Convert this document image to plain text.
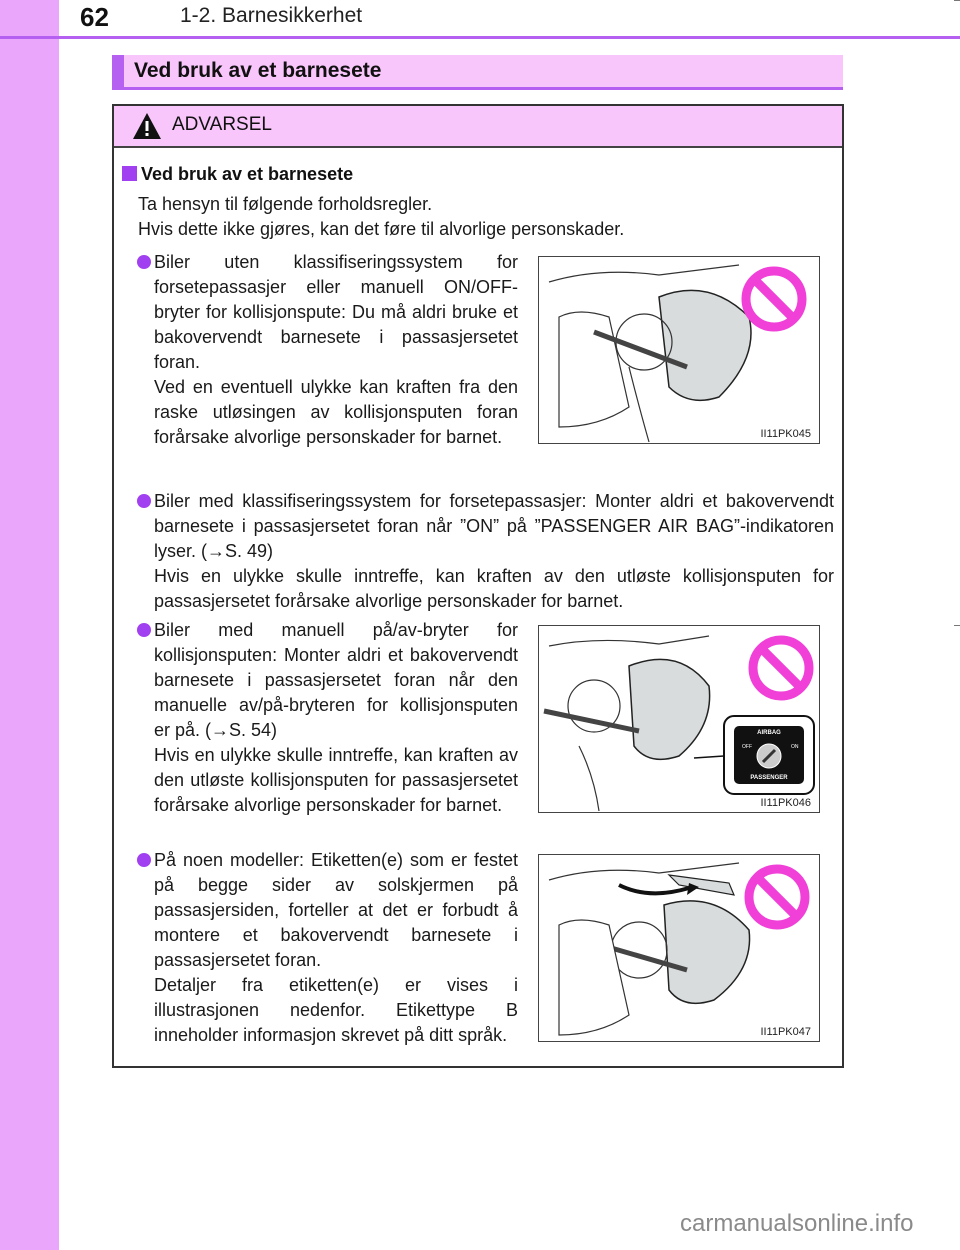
62	1-2. Barnesikkerhet
Ved bruk av et barnesete
ADVARSEL
Ved bruk av et barnesete
Ta hensyn til følgende forholdsregler.
Hvis dette ikke gjøres, kan det føre til alvorlige personskader.
Biler uten klassifiseringssystem for forsetepassasjer eller manuell ON/OFF-bryter for kollisjonspute: Du må aldri bruke et bakovervendt barnesete i passasjersetet foran.
Ved en eventuell ulykke kan kraften fra den raske utløsingen av kollisjonsputen foran forårsake alvorlige personskader for barnet.	II11PK045
Biler med klassifiseringssystem for forsetepassasjer: Monter aldri et bakovervendt barnesete i passasjersetet foran når ”ON” på ”PASSENGER AIR BAG”-indikatoren lyser. (→S. 49)
Hvis en ulykke skulle inntreffe, kan kraften av den utløste kollisjonsputen for passasjersetet forårsake alvorlige personskader for barnet.
Biler med manuell på/av-bryter for kollisjonsputen: Monter aldri et bakovervendt barnesete i passasjersetet foran når den manuelle av/på-bryteren for kollisjonsputen er på. (→S. 54)
Hvis en ulykke skulle inntreffe, kan kraften av den utløste kollisjonsputen for passasjersetet forårsake alvorlige personskader for barnet.
AIRBAG
OFF	ON
PASSENGER
II11PK046
På noen modeller: Etiketten(e) som er festet på begge sider av solskjermen på passasjersiden, forteller at det er forbudt å montere et bakovervendt barnesete i passasjersetet foran.
Detaljer fra etiketten(e) er vises i illustrasjonen nedenfor. Etikettype B inneholder informasjon skrevet på ditt språk.	II11PK047
carmanualsonline.info
